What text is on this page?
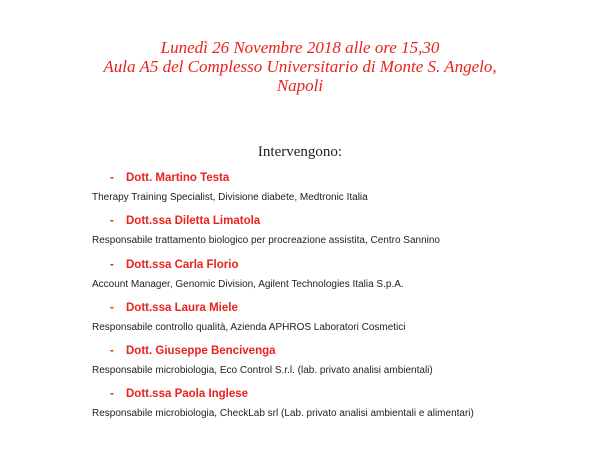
Lunedì 26 Novembre 2018 alle ore 15,30
Aula A5 del Complesso Universitario di Monte S. Angelo,
Napoli
Intervengono:
- Dott. Martino Testa
Therapy Training Specialist, Divisione diabete, Medtronic Italia
- Dott.ssa Diletta Limatola
Responsabile trattamento biologico per procreazione assistita, Centro Sannino
- Dott.ssa Carla Florio
Account Manager, Genomic Division, Agilent Technologies Italia S.p.A.
- Dott.ssa Laura Miele
Responsabile controllo qualità, Azienda APHROS Laboratori Cosmetici
- Dott. Giuseppe Bencivenga
Responsabile microbiologia, Eco Control S.r.l. (lab. privato analisi ambientali)
- Dott.ssa Paola Inglese
Responsabile microbiologia, CheckLab srl (Lab. privato analisi ambientali e alimentari)
